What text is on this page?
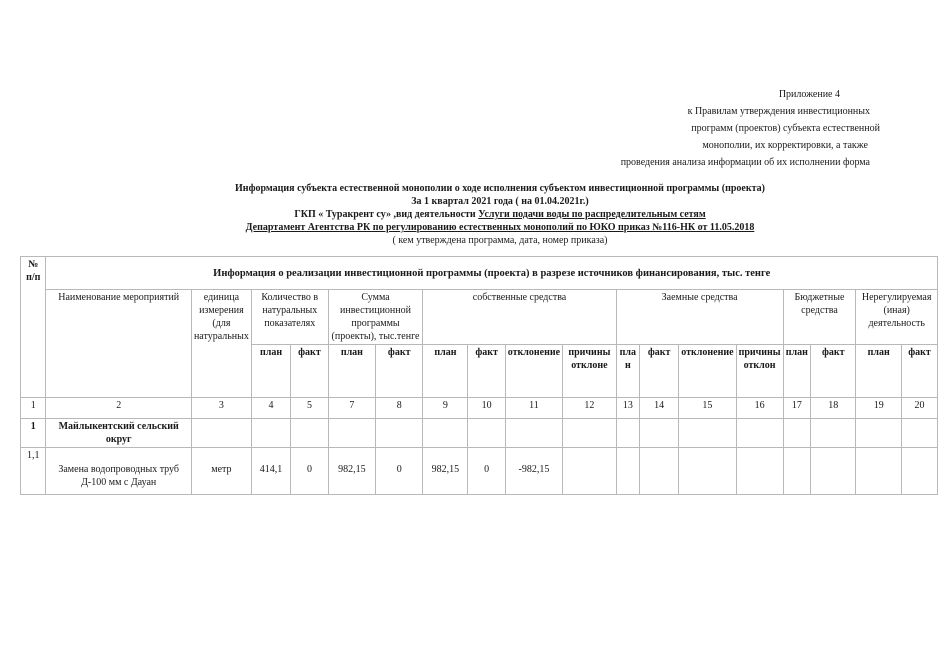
Приложение 4
к Правилам утверждения инвестиционных
программ (проектов) субъекта естественной
монополии, их корректировки, а также
проведения анализа информации об их исполнении форма
Информация субъекта естественной монополии о ходе исполнения субъектом инвестиционной программы (проекта)
За 1 квартал 2021 года ( на 01.04.2021г.)
ГКП « Туракрент су» ,вид деятельности Услуги подачи воды по распределительным сетям
Департамент Агентства РК по регулированию естественных монополий по ЮКО приказ №116-НК от 11.05.2018
( кем утверждена программа, дата, номер приказа)
№ п/п	Информация о реализации инвестиционной программы (проекта) в разрезе источников финансирования, тыс. тенге																	
	Наименование мероприятий	единица измерения (для натуральных	Количество в натуральных показателях		Сумма инвестиционной программы (проекты), тыс.тенге		собственные средства				Заемные средства				Бюджетные средства		Нерегулируемая (иная) деятельность	
			план	факт	план	факт	план	факт	отклонение	причины отклоне	план	факт	отклонение	причины отклон	план	факт	план	факт
1	2	3	4	5	7	8	9	10	11	12	13	14	15	16	17	18	19	20
1	Майлыкентский сельский округ																	
1,1	Замена водопроводных труб Д-100 мм с Дауан	метр	414,1	0	982,15	0	982,15	0	-982,15									
